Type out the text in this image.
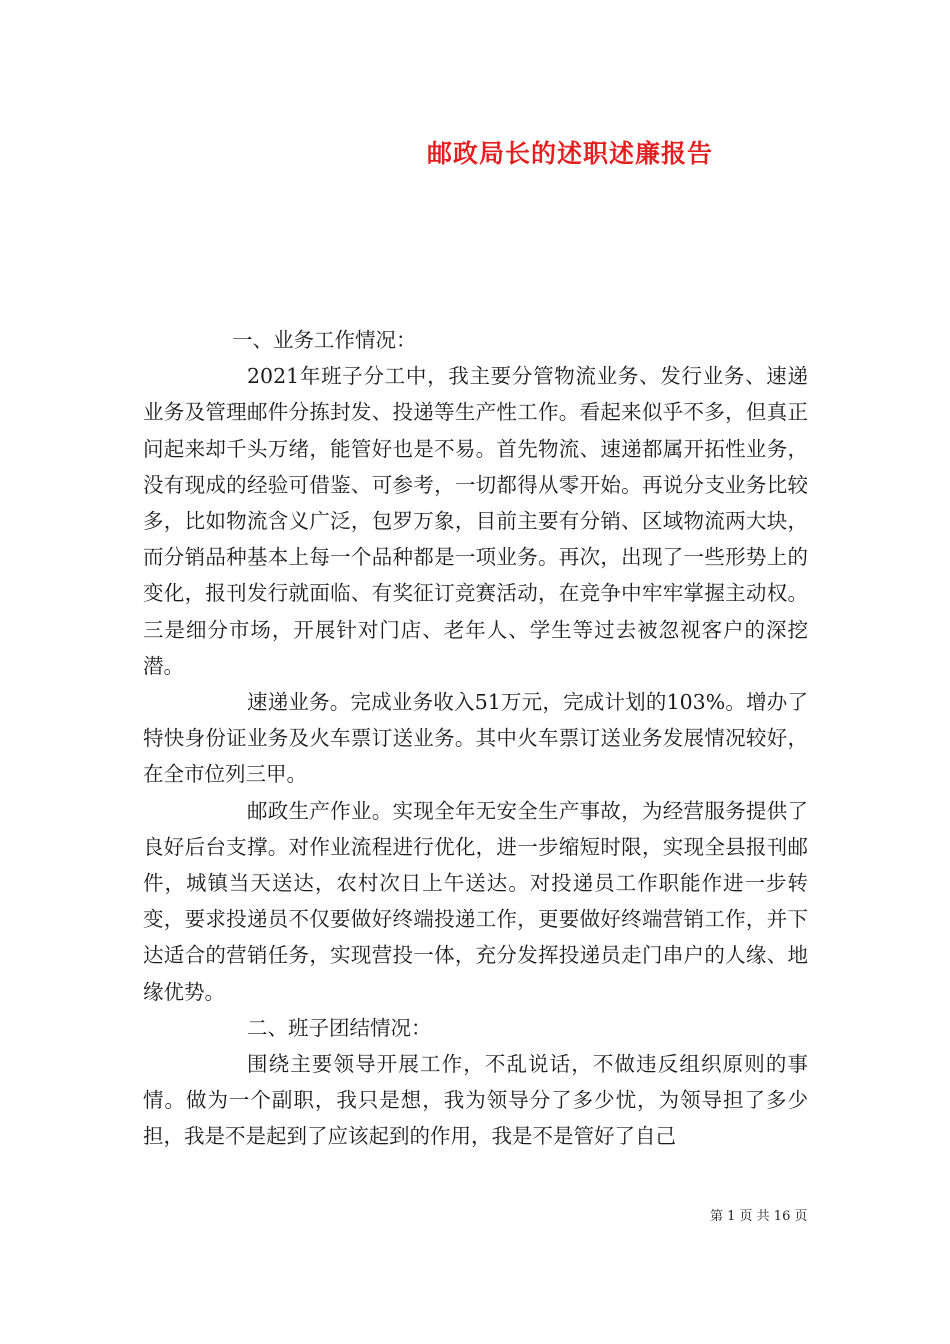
邮政局长的述职述廉报告

一、业务工作情况：

2021年班子分工中，我主要分管物流业务、发行业务、速递业务及管理邮件分拣封发、投递等生产性工作。看起来似乎不多，但真正问起来却千头万绪，能管好也是不易。首先物流、速递都属开拓性业务，没有现成的经验可借鉴、可参考，一切都得从零开始。再说分支业务比较多，比如物流含义广泛，包罗万象，目前主要有分销、区域物流两大块，而分销品种基本上每一个品种都是一项业务。再次，出现了一些形势上的变化，报刊发行就面临、有奖征订竞赛活动，在竞争中牢牢掌握主动权。三是细分市场，开展针对门店、老年人、学生等过去被忽视客户的深挖潜。

速递业务。完成业务收入51万元，完成计划的103%。增办了特快身份证业务及火车票订送业务。其中火车票订送业务发展情况较好，在全市位列三甲。

邮政生产作业。实现全年无安全生产事故，为经营服务提供了良好后台支撑。对作业流程进行优化，进一步缩短时限，实现全县报刊邮件，城镇当天送达，农村次日上午送达。对投递员工作职能作进一步转变，要求投递员不仅要做好终端投递工作，更要做好终端营销工作，并下达适合的营销任务，实现营投一体，充分发挥投递员走门串户的人缘、地缘优势。

二、班子团结情况：

围绕主要领导开展工作，不乱说话，不做违反组织原则的事情。做为一个副职，我只是想，我为领导分了多少忧，为领导担了多少担，我是不是起到了应该起到的作用，我是不是管好了自己

第 1 页 共 16 页
